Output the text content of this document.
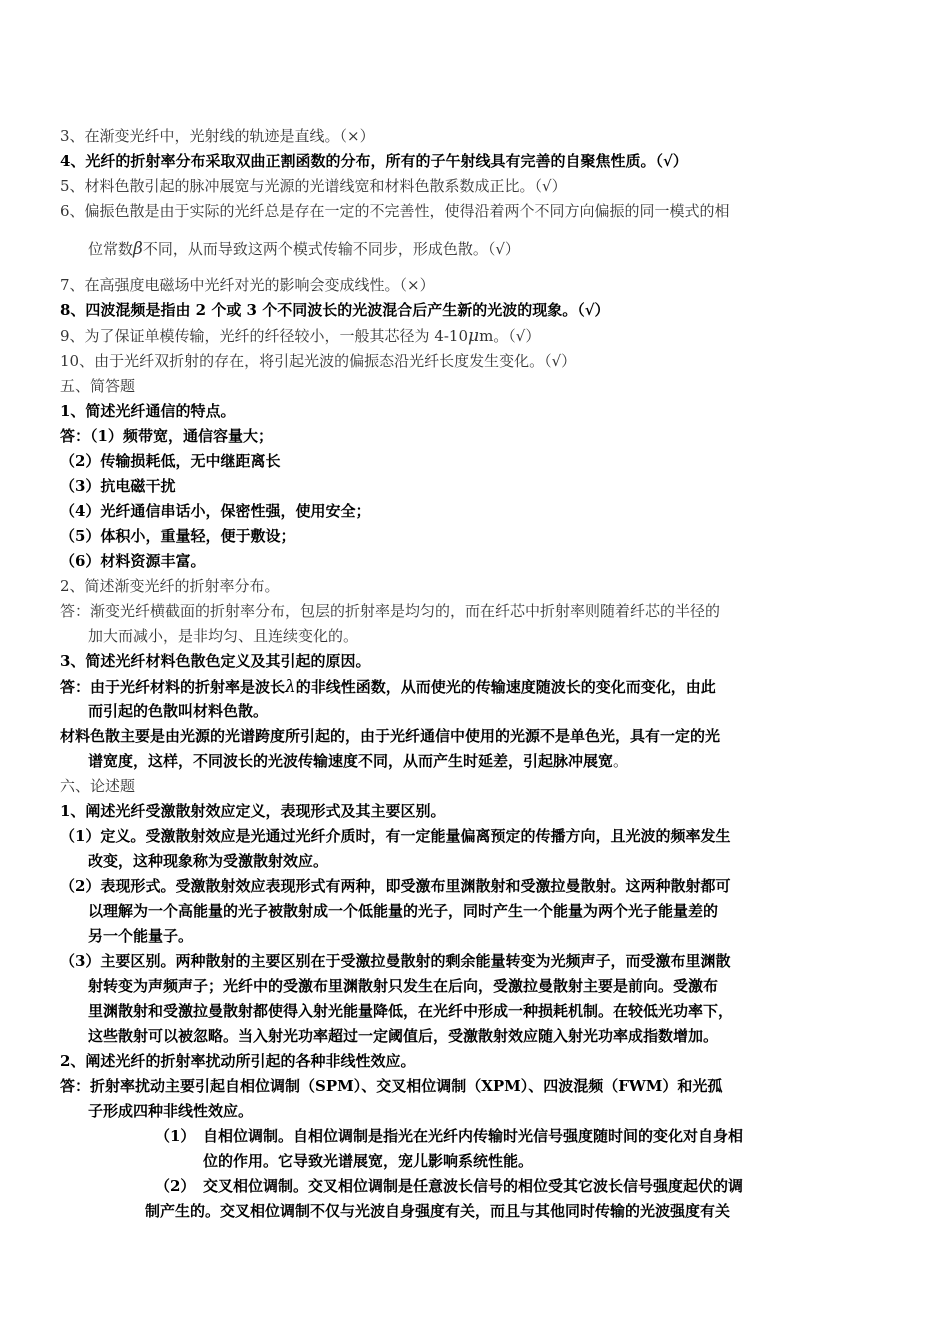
3、在渐变光纤中，光射线的轨迹是直线。（×）
4、光纤的折射率分布采取双曲正割函数的分布，所有的子午射线具有完善的自聚焦性质。（√）
5、材料色散引起的脉冲展宽与光源的光谱线宽和材料色散系数成正比。（√）
6、偏振色散是由于实际的光纤总是存在一定的不完善性，使得沿着两个不同方向偏振的同一模式的相
位常数β不同，从而导致这两个模式传输不同步，形成色散。（√）
7、在高强度电磁场中光纤对光的影响会变成线性。（×）
8、四波混频是指由 2 个或 3 个不同波长的光波混合后产生新的光波的现象。（√）
9、为了保证单模传输，光纤的纤径较小，一般其芯径为 4-10μm。（√）
10、由于光纤双折射的存在，将引起光波的偏振态沿光纤长度发生变化。（√）
五、简答题
1、简述光纤通信的特点。
答：（1）频带宽，通信容量大；
（2）传输损耗低，无中继距离长
（3）抗电磁干扰
（4）光纤通信串话小，保密性强，使用安全；
（5）体积小，重量轻，便于敷设；
（6）材料资源丰富。
2、简述渐变光纤的折射率分布。
答：渐变光纤横截面的折射率分布，包层的折射率是均匀的，而在纤芯中折射率则随着纤芯的半径的
加大而减小，是非均匀、且连续变化的。
3、简述光纤材料色散色定义及其引起的原因。
答：由于光纤材料的折射率是波长λ的非线性函数，从而使光的传输速度随波长的变化而变化，由此
而引起的色散叫材料色散。
材料色散主要是由光源的光谱跨度所引起的，由于光纤通信中使用的光源不是单色光，具有一定的光
谱宽度，这样，不同波长的光波传输速度不同，从而产生时延差，引起脉冲展宽。
六、论述题
1、阐述光纤受激散射效应定义，表现形式及其主要区别。
（1）定义。受激散射效应是光通过光纤介质时，有一定能量偏离预定的传播方向，且光波的频率发生
改变，这种现象称为受激散射效应。
（2）表现形式。受激散射效应表现形式有两种，即受激布里渊散射和受激拉曼散射。这两种散射都可
以理解为一个高能量的光子被散射成一个低能量的光子，同时产生一个能量为两个光子能量差的
另一个能量子。
（3）主要区别。两种散射的主要区别在于受激拉曼散射的剩余能量转变为光频声子，而受激布里渊散
射转变为声频声子；光纤中的受激布里渊散射只发生在后向，受激拉曼散射主要是前向。受激布
里渊散射和受激拉曼散射都使得入射光能量降低，在光纤中形成一种损耗机制。在较低光功率下，
这些散射可以被忽略。当入射光功率超过一定阈值后，受激散射效应随入射光功率成指数增加。
2、阐述光纤的折射率扰动所引起的各种非线性效应。
答：折射率扰动主要引起自相位调制（SPM）、交叉相位调制（XPM）、四波混频（FWM）和光孤
子形成四种非线性效应。
（1） 自相位调制。自相位调制是指光在光纤内传输时光信号强度随时间的变化对自身相
位的作用。它导致光谱展宽，宠儿影响系统性能。
（2） 交叉相位调制。交叉相位调制是任意波长信号的相位受其它波长信号强度起伏的调
制产生的。交叉相位调制不仅与光波自身强度有关，而且与其他同时传输的光波强度有关
